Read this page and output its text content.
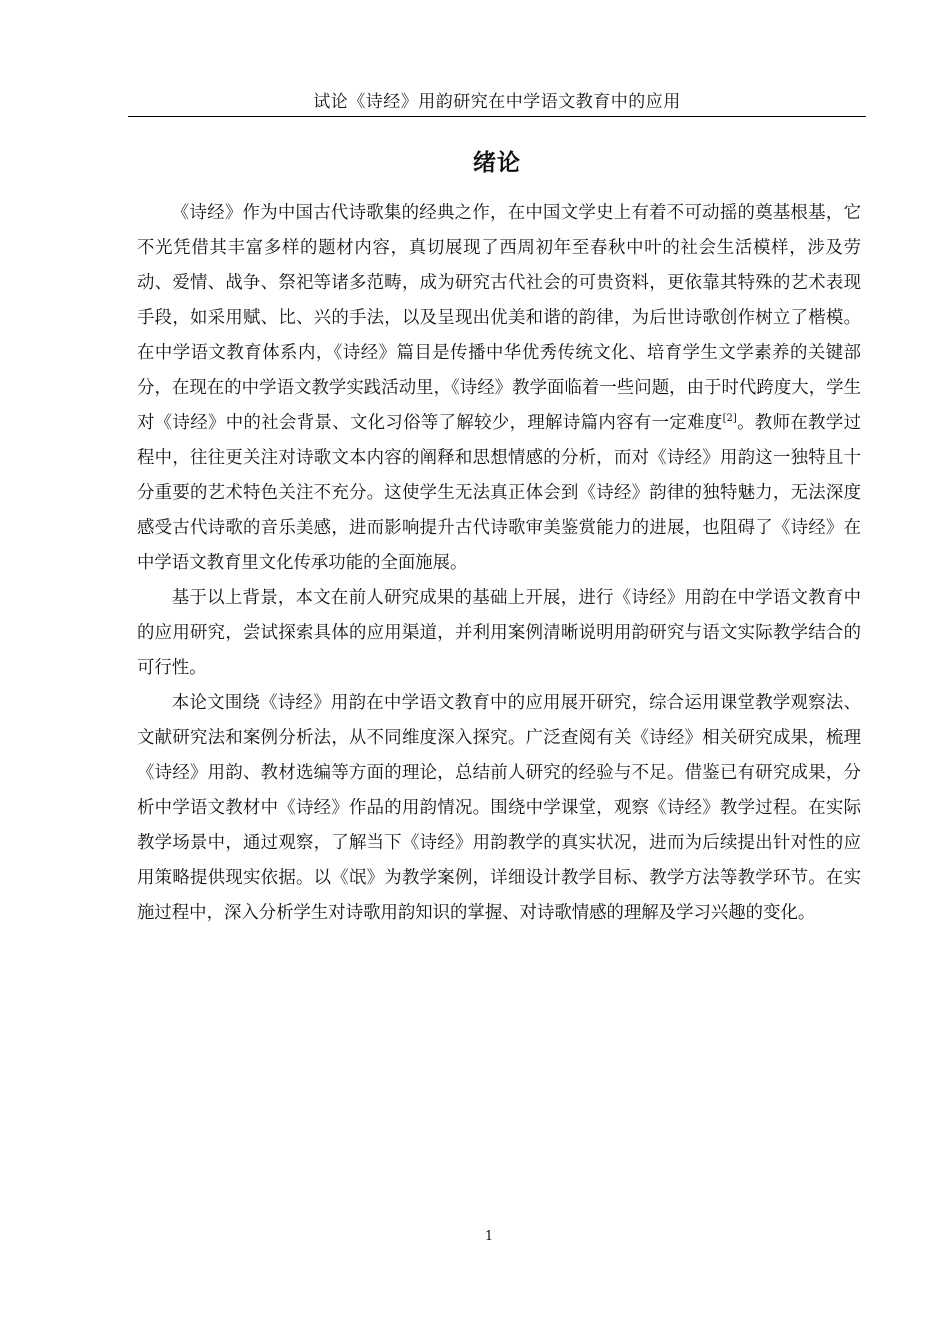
试论《诗经》用韵研究在中学语文教育中的应用
绪论

《诗经》作为中国古代诗歌集的经典之作，在中国文学史上有着不可动摇的奠基根基，它不光凭借其丰富多样的题材内容，真切展现了西周初年至春秋中叶的社会生活模样，涉及劳动、爱情、战争、祭祀等诸多范畴，成为研究古代社会的可贵资料，更依靠其特殊的艺术表现手段，如采用赋、比、兴的手法，以及呈现出优美和谐的韵律，为后世诗歌创作树立了楷模。在中学语文教育体系内，《诗经》篇目是传播中华优秀传统文化、培育学生文学素养的关键部分，在现在的中学语文教学实践活动里，《诗经》教学面临着一些问题，由于时代跨度大，学生对《诗经》中的社会背景、文化习俗等了解较少，理解诗篇内容有一定难度[2]。教师在教学过程中，往往更关注对诗歌文本内容的阐释和思想情感的分析，而对《诗经》用韵这一独特且十分重要的艺术特色关注不充分。这使学生无法真正体会到《诗经》韵律的独特魅力，无法深度感受古代诗歌的音乐美感，进而影响提升古代诗歌审美鉴赏能力的进展，也阻碍了《诗经》在中学语文教育里文化传承功能的全面施展。

基于以上背景，本文在前人研究成果的基础上开展，进行《诗经》用韵在中学语文教育中的应用研究，尝试探索具体的应用渠道，并利用案例清晰说明用韵研究与语文实际教学结合的可行性。

本论文围绕《诗经》用韵在中学语文教育中的应用展开研究，综合运用课堂教学观察法、文献研究法和案例分析法，从不同维度深入探究。广泛查阅有关《诗经》相关研究成果，梳理《诗经》用韵、教材选编等方面的理论，总结前人研究的经验与不足。借鉴已有研究成果，分析中学语文教材中《诗经》作品的用韵情况。围绕中学课堂，观察《诗经》教学过程。在实际教学场景中，通过观察，了解当下《诗经》用韵教学的真实状况，进而为后续提出针对性的应用策略提供现实依据。以《氓》为教学案例，详细设计教学目标、教学方法等教学环节。在实施过程中，深入分析学生对诗歌用韵知识的掌握、对诗歌情感的理解及学习兴趣的变化。

1
